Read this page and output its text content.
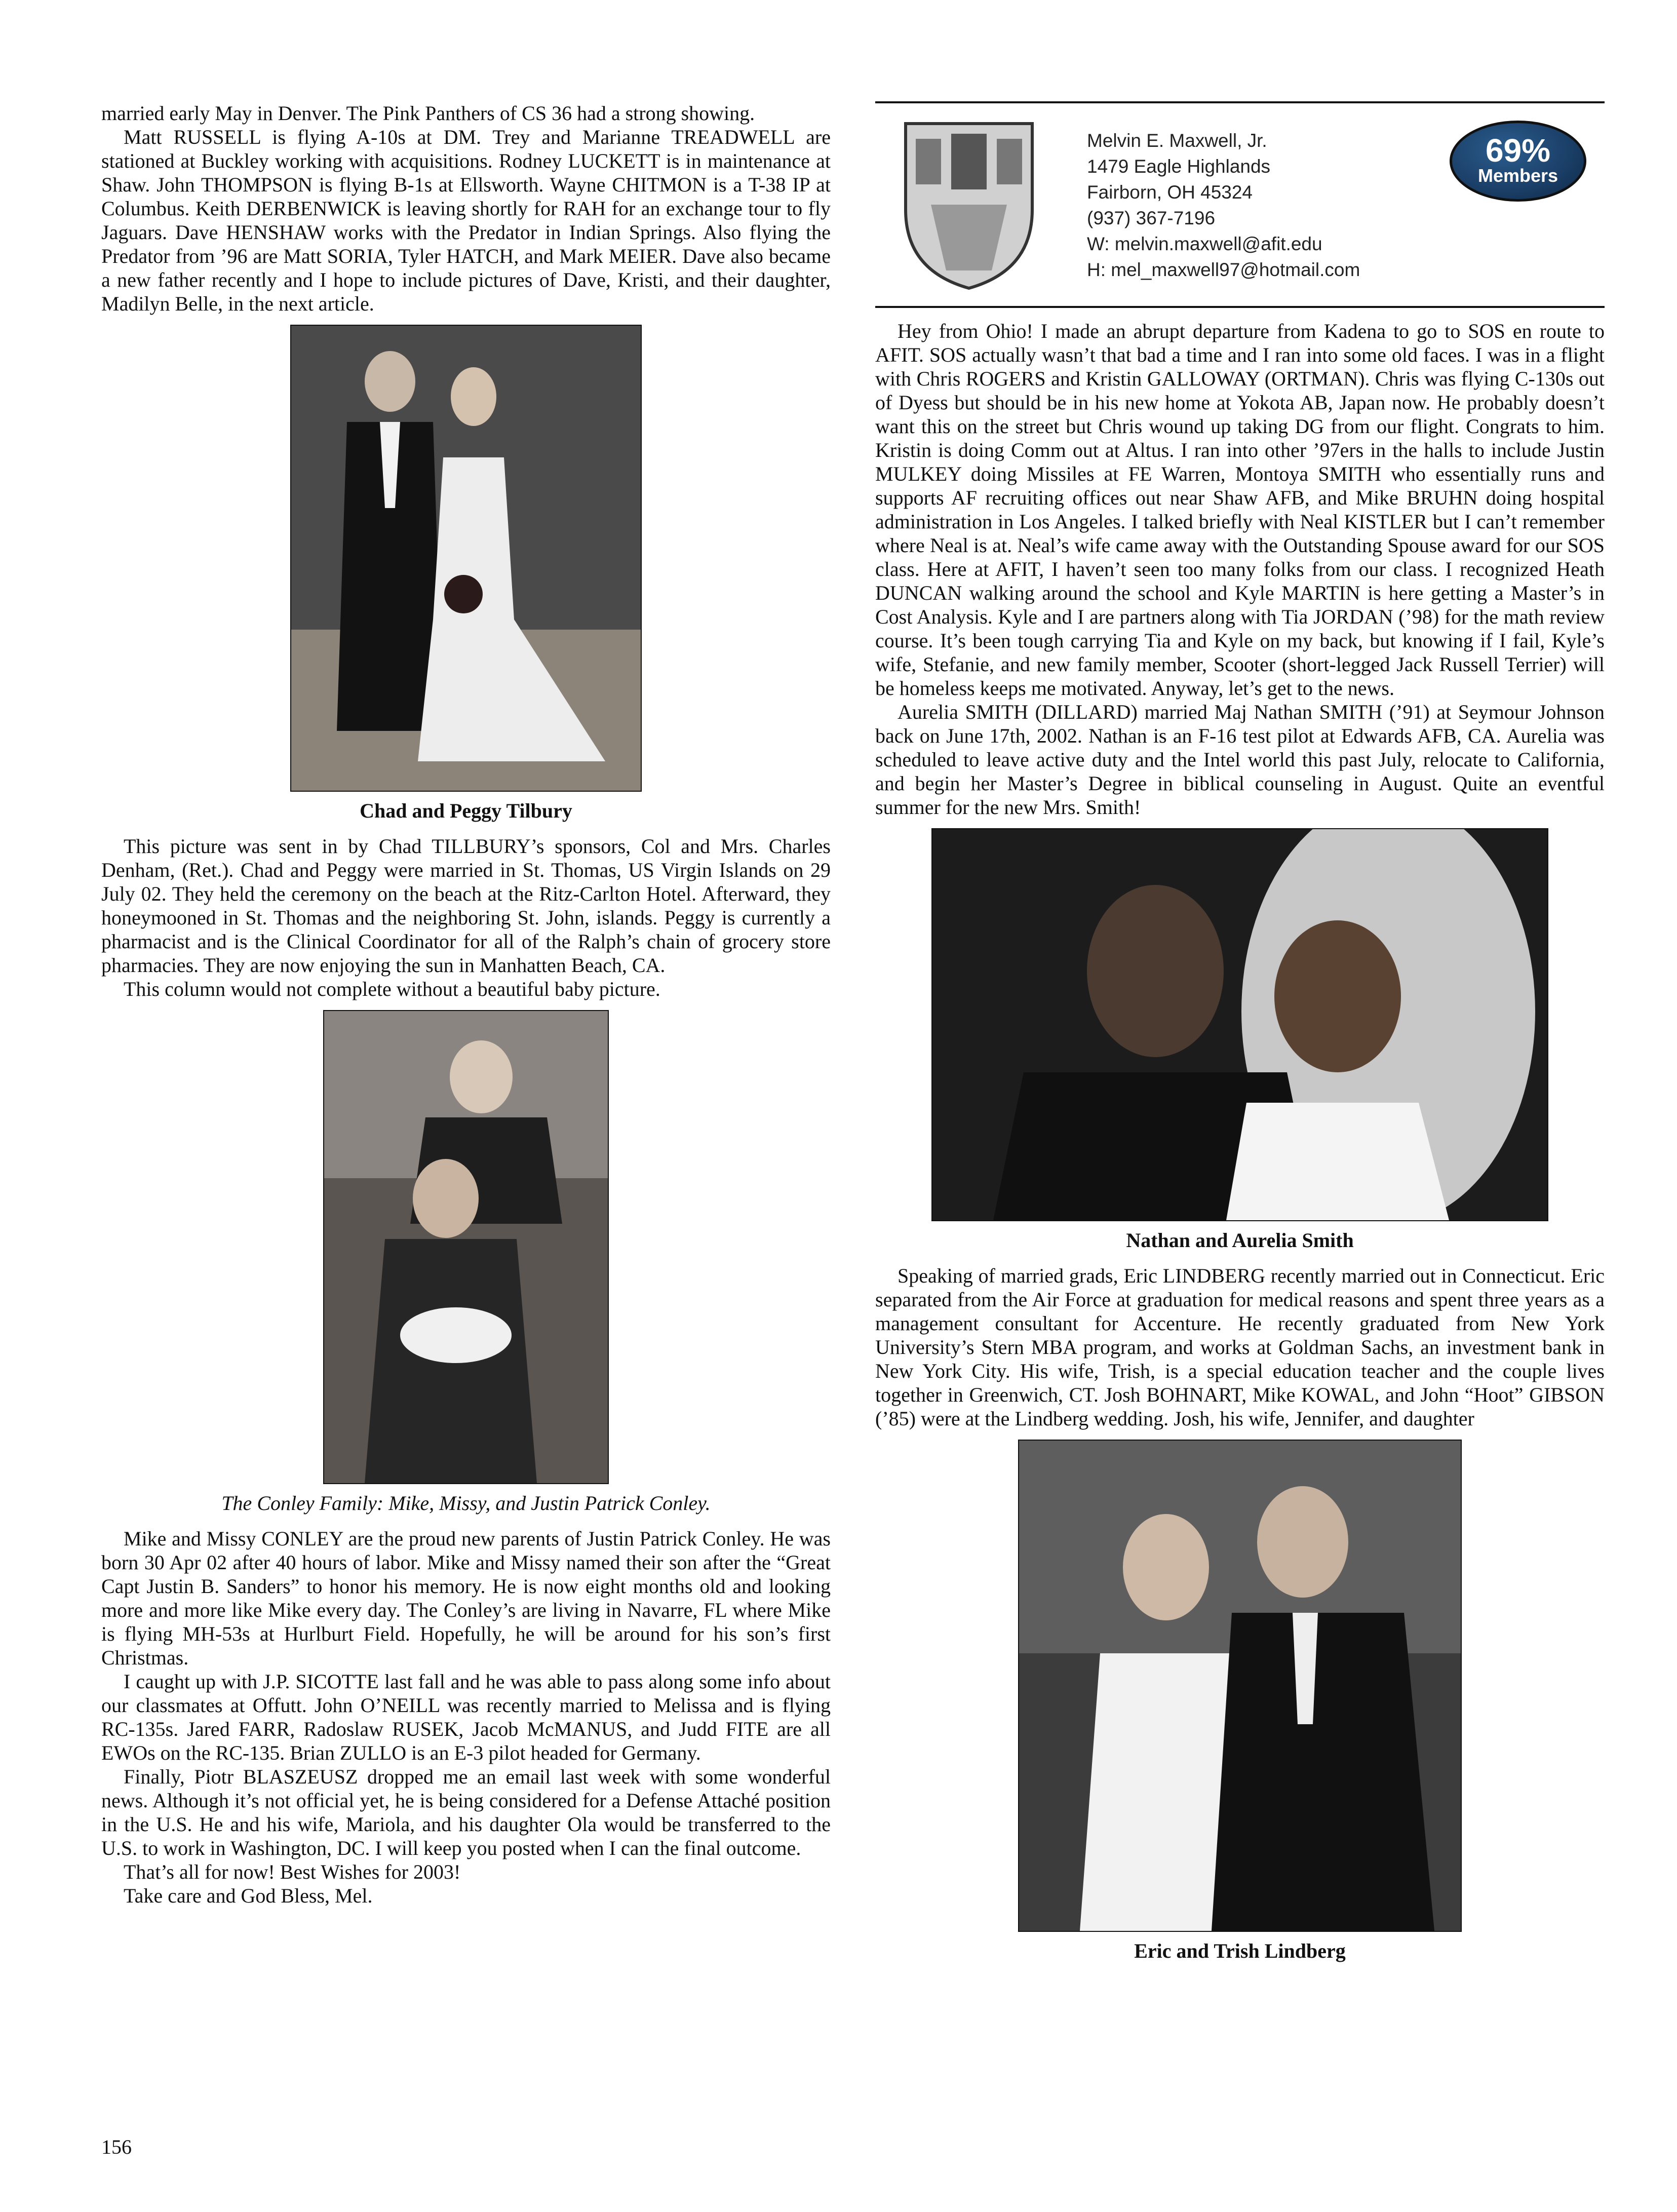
married early May in Denver. The Pink Panthers of CS 36 had a strong showing.

Matt RUSSELL is flying A-10s at DM. Trey and Marianne TREADWELL are stationed at Buckley working with acquisitions. Rodney LUCKETT is in maintenance at Shaw. John THOMPSON is flying B-1s at Ellsworth. Wayne CHITMON is a T-38 IP at Columbus. Keith DERBENWICK is leaving shortly for RAH for an exchange tour to fly Jaguars. Dave HENSHAW works with the Predator in Indian Springs. Also flying the Predator from ’96 are Matt SORIA, Tyler HATCH, and Mark MEIER. Dave also became a new father recently and I hope to include pictures of Dave, Kristi, and their daughter, Madilyn Belle, in the next article.

Chad and Peggy Tilbury

This picture was sent in by Chad TILLBURY’s sponsors, Col and Mrs. Charles Denham, (Ret.). Chad and Peggy were married in St. Thomas, US Virgin Islands on 29 July 02. They held the ceremony on the beach at the Ritz-Carlton Hotel. Afterward, they honeymooned in St. Thomas and the neighboring St. John, islands. Peggy is currently a pharmacist and is the Clinical Coordinator for all of the Ralph’s chain of grocery store pharmacies. They are now enjoying the sun in Manhatten Beach, CA.

This column would not complete without a beautiful baby picture.

The Conley Family: Mike, Missy, and Justin Patrick Conley.

Mike and Missy CONLEY are the proud new parents of Justin Patrick Conley. He was born 30 Apr 02 after 40 hours of labor. Mike and Missy named their son after the “Great Capt Justin B. Sanders” to honor his memory. He is now eight months old and looking more and more like Mike every day. The Conley’s are living in Navarre, FL where Mike is flying MH-53s at Hurlburt Field. Hopefully, he will be around for his son’s first Christmas.

I caught up with J.P. SICOTTE last fall and he was able to pass along some info about our classmates at Offutt. John O’NEILL was recently married to Melissa and is flying RC-135s. Jared FARR, Radoslaw RUSEK, Jacob McMANUS, and Judd FITE are all EWOs on the RC-135. Brian ZULLO is an E-3 pilot headed for Germany.

Finally, Piotr BLASZEUSZ dropped me an email last week with some wonderful news. Although it’s not official yet, he is being considered for a Defense Attaché position in the U.S. He and his wife, Mariola, and his daughter Ola would be transferred to the U.S. to work in Washington, DC. I will keep you posted when I can the final outcome.

That’s all for now! Best Wishes for 2003!

Take care and God Bless, Mel.

Melvin E. Maxwell, Jr.
1479 Eagle Highlands
Fairborn, OH 45324
(937) 367-7196
W: melvin.maxwell@afit.edu
H: mel_maxwell97@hotmail.com
69%
Members

Hey from Ohio! I made an abrupt departure from Kadena to go to SOS en route to AFIT. SOS actually wasn’t that bad a time and I ran into some old faces. I was in a flight with Chris ROGERS and Kristin GALLOWAY (ORTMAN). Chris was flying C-130s out of Dyess but should be in his new home at Yokota AB, Japan now. He probably doesn’t want this on the street but Chris wound up taking DG from our flight. Congrats to him. Kristin is doing Comm out at Altus. I ran into other ’97ers in the halls to include Justin MULKEY doing Missiles at FE Warren, Montoya SMITH who essentially runs and supports AF recruiting offices out near Shaw AFB, and Mike BRUHN doing hospital administration in Los Angeles. I talked briefly with Neal KISTLER but I can’t remember where Neal is at. Neal’s wife came away with the Outstanding Spouse award for our SOS class. Here at AFIT, I haven’t seen too many folks from our class. I recognized Heath DUNCAN walking around the school and Kyle MARTIN is here getting a Master’s in Cost Analysis. Kyle and I are partners along with Tia JORDAN (’98) for the math review course. It’s been tough carrying Tia and Kyle on my back, but knowing if I fail, Kyle’s wife, Stefanie, and new family member, Scooter (short-legged Jack Russell Terrier) will be homeless keeps me motivated. Anyway, let’s get to the news.

Aurelia SMITH (DILLARD) married Maj Nathan SMITH (’91) at Seymour Johnson back on June 17th, 2002. Nathan is an F-16 test pilot at Edwards AFB, CA. Aurelia was scheduled to leave active duty and the Intel world this past July, relocate to California, and begin her Master’s Degree in biblical counseling in August. Quite an eventful summer for the new Mrs. Smith!

Nathan and Aurelia Smith

Speaking of married grads, Eric LINDBERG recently married out in Connecticut. Eric separated from the Air Force at graduation for medical reasons and spent three years as a management consultant for Accenture. He recently graduated from New York University’s Stern MBA program, and works at Goldman Sachs, an investment bank in New York City. His wife, Trish, is a special education teacher and the couple lives together in Greenwich, CT. Josh BOHNART, Mike KOWAL, and John “Hoot” GIBSON (’85) were at the Lindberg wedding. Josh, his wife, Jennifer, and daughter

Eric and Trish Lindberg
156
